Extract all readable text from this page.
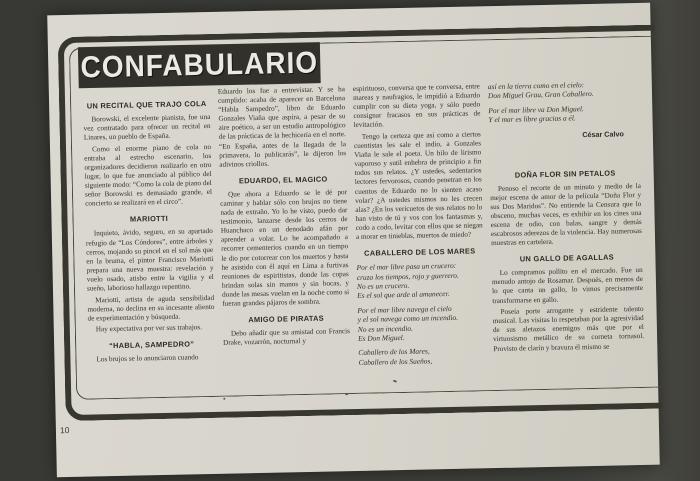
CONFABULARIO
UN RECITAL QUE TRAJO COLA

Borowski, el excelente pianista, fue una vez contratado para ofrecer un recital en Linares, un pueblo de España.

Como el enorme piano de cola no entraba al estrecho escenario, los organizadores decidieron realizarlo en otro lugar, lo que fue anunciado al público del siguiente modo: “Como la cola de piano del señor Borowski es demasiado grande, el concierto se realizará en el circo”.

MARIOTTI

Inquieto, ávido, seguro, en su apartado refugio de “Los Cóndores”, entre árboles y cerros, mojando su pincel en el sol más que en la bruma, el pintor Francisco Mariotti prepara una nueva muestra: revelación y vuelo osado, atisbo entre la vigilia y el sueño, laborioso hallazgo repentino.

Mariotti, artista de aguda sensibilidad moderna, no declina en su incesante aliento de experimentación y búsqueda.

Hay expectativa por ver sus trabajos.

“HABLA, SAMPEDRO”

Los brujos se lo anunciaron cuando

Eduardo los fue a entrevistar. Y se ha cumplido: acaba de aparecer en Barcelona “Habla Sampedro”, libro de Eduardo Gonzales Viaña que aspira, a pesar de su aire poético, a ser un estudio antropológico de las prácticas de la hechicería en el norte. “En España, antes de la llegada de la primavera, lo publicarás”, le dijeron los adivinos criollos.

EDUARDO, EL MAGICO

Que ahora a Eduardo se le dé por caminar y hablar sólo con brujos no tiene nada de extraño. Yo lo he visto, puedo dar testimonio, lanzarse desde los cerros de Huanchaco en un denodado afán por aprender a volar. Lo he acompañado a recorrer cementerios cuando en un tiempo le dio por cotorrear con los muertos y hasta he asistido con él aquí en Lima a furtivas reuniones de espiritistas, donde las copas brindan solas sin manos y sin bocas, y donde las mesas vuelan en la noche como si fueran grandes pájaros de sombra.

AMIGO DE PIRATAS

Debo añadir que su amistad con Francis Drake, vozarrón, nocturnal y

espirituoso, conversa que te conversa, entre mareas y naufragios, le impidió a Eduardo cumplir con su dieta yoga, y sólo puedo consignar fracasos en sus prácticas de levitación.

Tengo la certeza que así como a ciertos cuentistas les sale el indio, a Gonzales Viaña le sale el poeta. Un hilo de lirismo vaporoso y sutil enhebra de principio a fin todos sus relatos. ¿Y ustedes, sedentarios lectores fervorosos, cuando penetran en los cuentos de Eduardo no lo sienten acaso volar? ¿A ustedes mismos no les crecen alas? ¿En los vericuetos de sus relatos no lo han visto de tú y vos con los fantasmas y, codo a codo, levitar con ellos que se niegan a morar en tinieblas, muertos de miedo?

CABALLERO DE LOS MARES

Por el mar libre pasa un crucero:
cruza los tiempos, rojo y guerrero.
No es un crucero.
Es el sol que arde al amanecer.

Por el mar libre navega el cielo
y el sol navega como un incendio.
No es un incendio.
Es Don Miguel.

Caballero de los Mares,
Caballero de los Sueños,

así en la tierra como en el cielo:
Don Miguel Grau, Gran Caballero.

Por el mar libre va Don Miguel.
Y el mar es libre gracias a él.

César Calvo
DOÑA FLOR SIN PETALOS

Penoso el recorte de un minuto y medio de la mejor escena de amor de la película “Doña Flor y sus Dos Maridos”. No entiende la Censura que lo obsceno, muchas veces, es exhibir en los cines una escena de odio, con balas, sangre y demás escabrosos aderezos de la violencia. Hay numerosas muestras en cartelera.

UN GALLO DE AGALLAS

Lo compramos pollito en el mercado. Fue un menudo antojo de Rosamar. Después, en menos de lo que canta un gallo, lo vimos precisamente transformarse en gallo.

Poseía porte arrogante y estridente talento musical. Las visitas lo respetaban por la agresividad de sus aletazos enemigos más que por el virtuosismo metálico de su corneta tornasol. Provisto de clarín y bravura él mismo se

10
